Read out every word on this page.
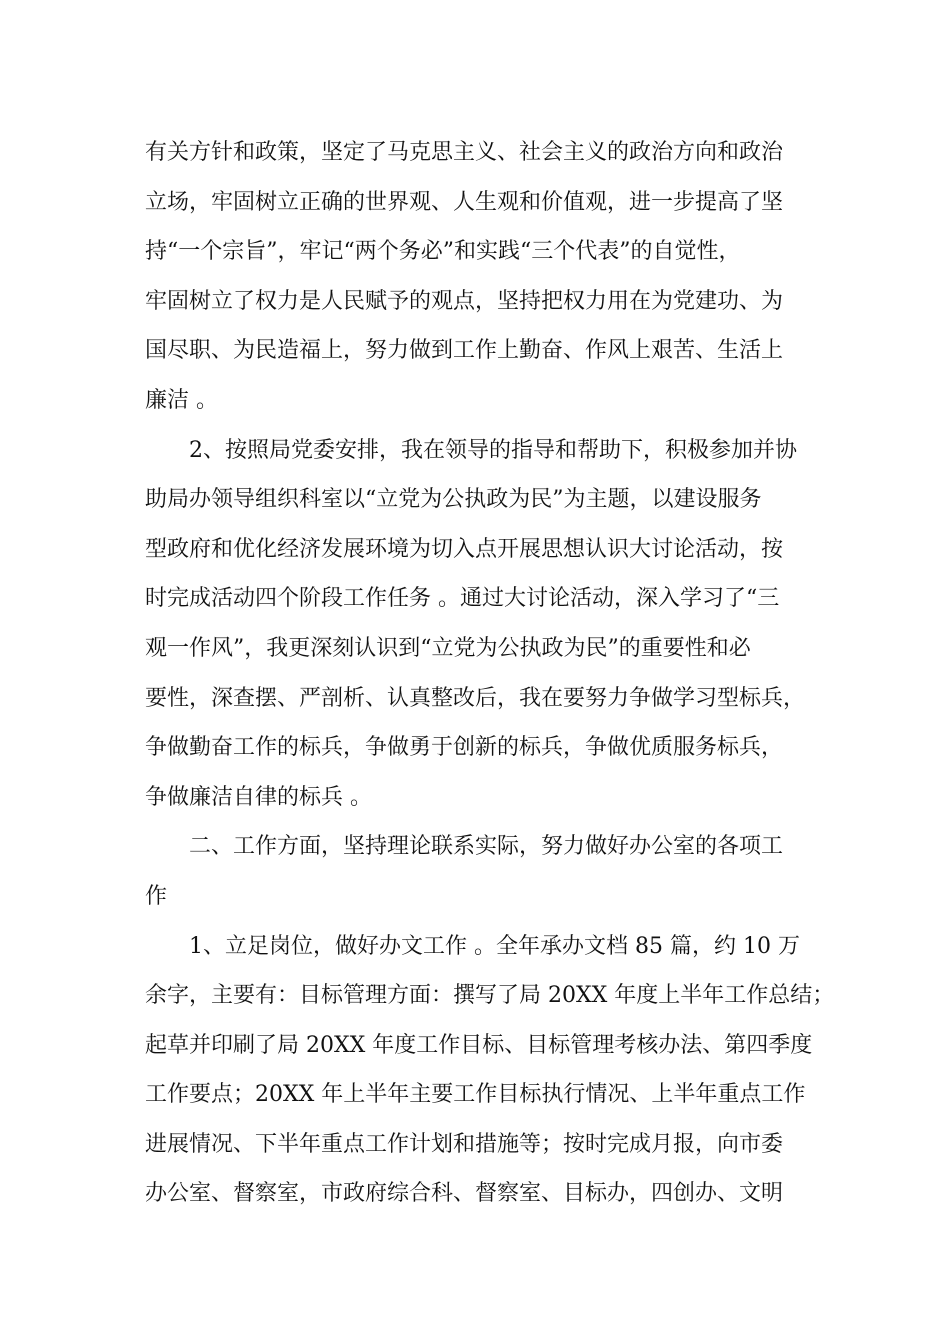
有关方针和政策，坚定了马克思主义、社会主义的政治方向和政治
立场，牢固树立正确的世界观、人生观和价值观，进一步提高了坚
持“一个宗旨”，牢记“两个务必”和实践“三个代表”的自觉性，
牢固树立了权力是人民赋予的观点，坚持把权力用在为党建功、为
国尽职、为民造福上，努力做到工作上勤奋、作风上艰苦、生活上
廉洁 。
2、按照局党委安排，我在领导的指导和帮助下，积极参加并协
助局办领导组织科室以“立党为公执政为民”为主题，以建设服务
型政府和优化经济发展环境为切入点开展思想认识大讨论活动，按
时完成活动四个阶段工作任务 。通过大讨论活动，深入学习了“三
观一作风”，我更深刻认识到“立党为公执政为民”的重要性和必
要性，深查摆、严剖析、认真整改后，我在要努力争做学习型标兵，
争做勤奋工作的标兵，争做勇于创新的标兵，争做优质服务标兵，
争做廉洁自律的标兵 。
二、工作方面，坚持理论联系实际，努力做好办公室的各项工
作
1、立足岗位，做好办文工作 。全年承办文档 85 篇，约 10 万
余字，主要有：目标管理方面：撰写了局 20XX 年度上半年工作总结；
起草并印刷了局 20XX 年度工作目标、目标管理考核办法、第四季度
工作要点；20XX 年上半年主要工作目标执行情况、上半年重点工作
进展情况、下半年重点工作计划和措施等；按时完成月报，向市委
办公室、督察室，市政府综合科、督察室、目标办，四创办、文明
